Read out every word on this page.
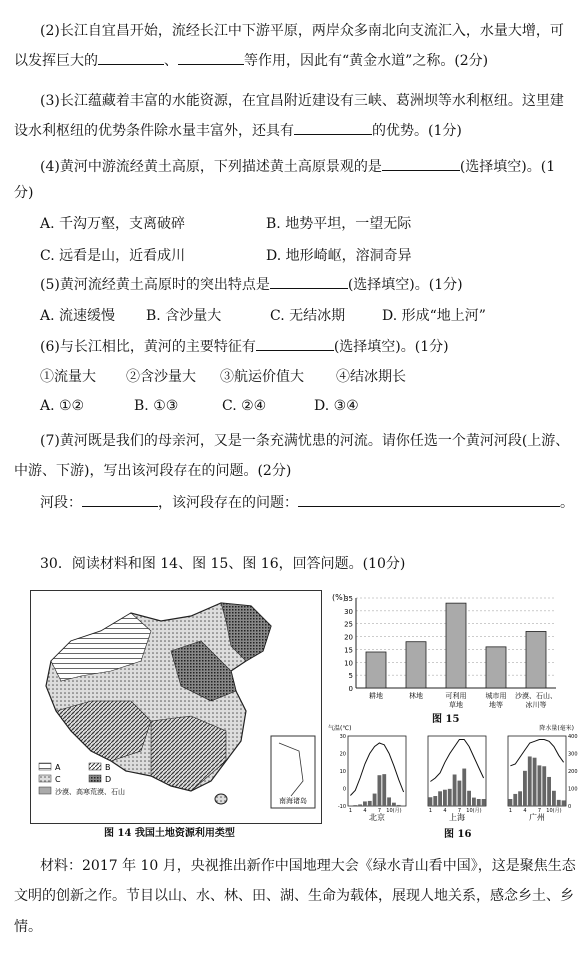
(2)长江自宜昌开始，流经长江中下游平原，两岸众多南北向支流汇入，水量大增，可
以发挥巨大的	、	等作用，因此有“黄金水道”之称。(2分)
(3)长江蕴藏着丰富的水能资源，在宜昌附近建设有三峡、葛洲坝等水利枢纽。这里建
设水利枢纽的优势条件除水量丰富外，还具有	的优势。(1分)
(4)黄河中游流经黄土高原，下列描述黄土高原景观的是	(选择填空)。(1
分)
A. 千沟万壑，支离破碎	B. 地势平坦，一望无际
C. 远看是山，近看成川	D. 地形崎岖，溶洞奇异
(5)黄河流经黄土高原时的突出特点是	(选择填空)。(1分)
A. 流速缓慢 B. 含沙量大	C. 无结冰期	D. 形成“地上河”
(6)与长江相比，黄河的主要特征有	(选择填空)。(1分)
①流量大 ②含沙量大 ③航运价值大 ④结冰期长
A. ①②	B. ①③	C. ②④	D. ③④
(7)黄河既是我们的母亲河，又是一条充满忧患的河流。请你任选一个黄河河段(上游、
中游、下游)，写出该河段存在的问题。(2分)
河段：	，该河段存在的问题：	。
30．阅读材料和图 14、图 15、图 16，回答问题。(10分)
南海诸岛
A	B
C	D
沙漠、高寒荒漠、石山
图 14 我国土地资源利用类型
(%)
0
5
10
15
20
25
30
35
耕地	林地	可利用
草地
城市用
地等
沙漠、石山、
冰川等
图 15
气温(℃)	降水量(毫米)
-10
0
10
20
30
1 4 7 10(月)
北京
1 4 7 10(月)
上海
0
100
200
300
400
1 4 7 10(月)
广州
图 16
材料：2017 年 10 月，央视推出新作中国地理大会《绿水青山看中国》，这是聚焦生态
文明的创新之作。节目以山、水、林、田、湖、生命为载体，展现人地关系，感念乡土、乡
情。
